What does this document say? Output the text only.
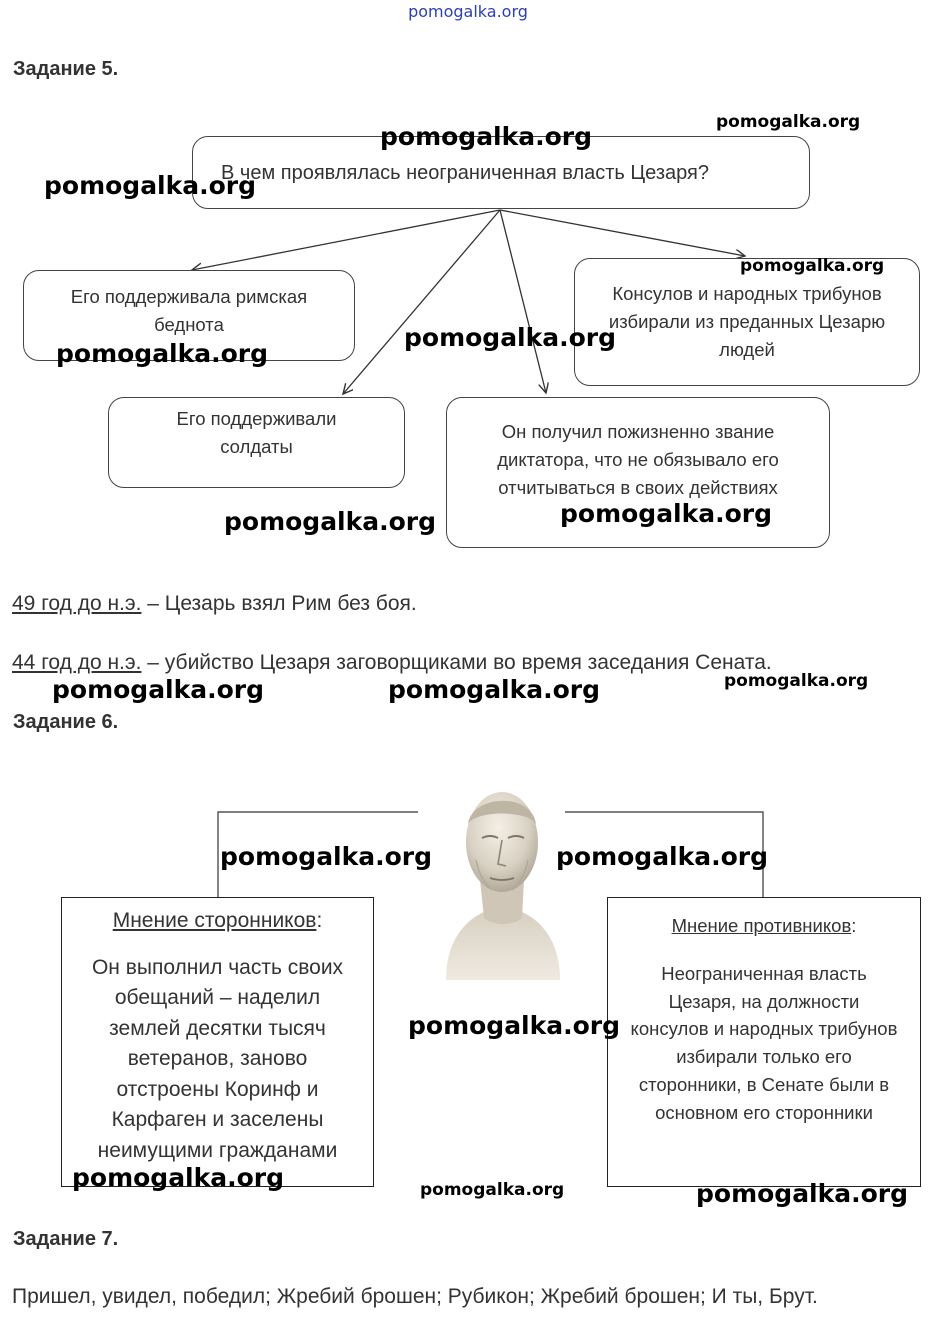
pomogalka.org
Задание 5.
В чем проявлялась неограниченная власть Цезаря?
Его поддерживала римская беднота
Консулов и народных трибунов избирали из преданных Цезарю людей
Его поддерживали солдаты
Он получил пожизненно звание диктатора, что не обязывало его отчитываться в своих действиях
49 год до н.э. – Цезарь взял Рим без боя.
44 год до н.э. – убийство Цезаря заговорщиками во время заседания Сената.
Задание 6.
Мнение сторонников:
Он выполнил часть своих обещаний – наделил землей десятки тысяч ветеранов, заново отстроены Коринф и Карфаген и заселены неимущими гражданами
Мнение противников:
Неограниченная власть Цезаря, на должности консулов и народных трибунов избирали только его сторонники, в Сенате были в основном его сторонники
Задание 7.
Пришел, увидел, победил; Жребий брошен; Рубикон; Жребий брошен; И ты, Брут.
pomogalka.org	pomogalka.org
pomogalka.org
pomogalka.org
pomogalka.org
pomogalka.org
pomogalka.org
pomogalka.org
pomogalka.org	pomogalka.org	pomogalka.org
pomogalka.org	pomogalka.org
pomogalka.org
pomogalka.org	pomogalka.org	pomogalka.org
